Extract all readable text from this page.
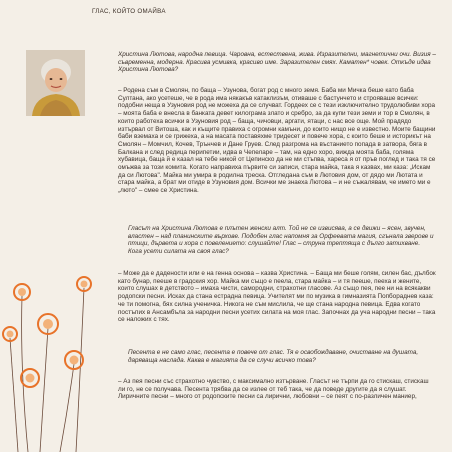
ГЛАС, КОЙТО ОМАЙВА

Христина Лютова, народна певица. Чаровна, естествена, жива. Изразителни, магнетични очи. Визия – съвременна, модерна. Красива усмивка, красиво име. Заразителен смях. Каматен* човек. Откъде идва Христина Лютова?

– Родена съм в Смолян, по баща – Узунова, богат род с много земя. Баба ми Мичка беше като баба Султана, ако усетеше, че в рода има някакъв катаклизъм, отиваше с бастунчето и строяваше всички: подобни неща в Узуновия род не можеха да се случват. Гордеех се с тези изключително трудолюбиви хора – моята баба е внесла в банката девет килограма злато и сребро, за да купи тези земи и тор в Смолян, в които работеха всички в Узуновия род – баща, чичовци, аргати, ятаци, с нас все още. Мой прадядо изтървал от Витоша, как и къщите правиха с огромни камъни, до които нищо не е известно. Моите бащини баби вземаха и се грижеха, а на масата поставяхме тридесет и повече хора, с които беше и историкът на Смолян – Момчил, Кочев, Трънчев и Дане Груев. След разгрома на въстанието попада в затвора, бяга в Балкана и след редица перипетии, идва в Чепеларе – там, на едно хоро, вижда моята баба, голяма хубавица, баща й е казал на тебе никой от Цепинско да не ми стъпва, хареса я от пръв поглед и така тя се омъжва за този комита. Когато направиха първите си записи, стара майка, така я казвах, ми каза: „Искам да си Лютова". Майка ми умира в родилна треска. Отгледана съм в Лютовия дом, от дядо ми Лютата и стара майка, а брат ми отиде в Узуновия дом. Всички ме знаеха Лютова – и не съжалявам, че името ми е „лютo" – смее се Христина.

Гласът на Христина Лютова е плътен женски алт. Той не се извисява, а се движи – ясен, звучен, властен – над планинските върхове. Подобен глас напомня за Орфеевата магия, сгънала зверове и птици, дървета и хора с повелението: слушайте! Глас – струна трептяща с дълго затихване. Кога усети силата на своя глас?

– Може да е дадености или е на генна основа – казва Христина. – Баща ми беше голям, силен бас, дълбок като бунар, пееше в градския хор. Майка ми също е пеела, стара майка – и тя пееше, пееха и жените, които слушах в детството – имаха чисти, самородни, страхотни гласове. Аз също пея, пее ни на всякакви родопски песни. Исках да стана естрадна певица. Учителят ми по музика в гимназията Попбораднев каза: че ти помогна, бях силна ученичка. Никога не съм мислила, че ще стана народна певица. Едва когато постъпих в Ансамбъла за народни песни усетих силата на моя глас. Започнах да уча народни песни – така се наложих с тях.

Песента е не само глас, песента е повече от глас. Тя е освобождаване, очистване на душата, даряваща наслада. Каква е магията да се случи всичко това?

– Аз пея песни със страхотно чувство, с максимално изтърване. Гласът не търпи да го стискаш, стискаш ли го, не се получава. Песента трябва да се излее от теб така, че да поведе другите да я слушат. Лиричните песни – много от родопските песни са лирични, любовни – се пеят с по-различен маниер,
